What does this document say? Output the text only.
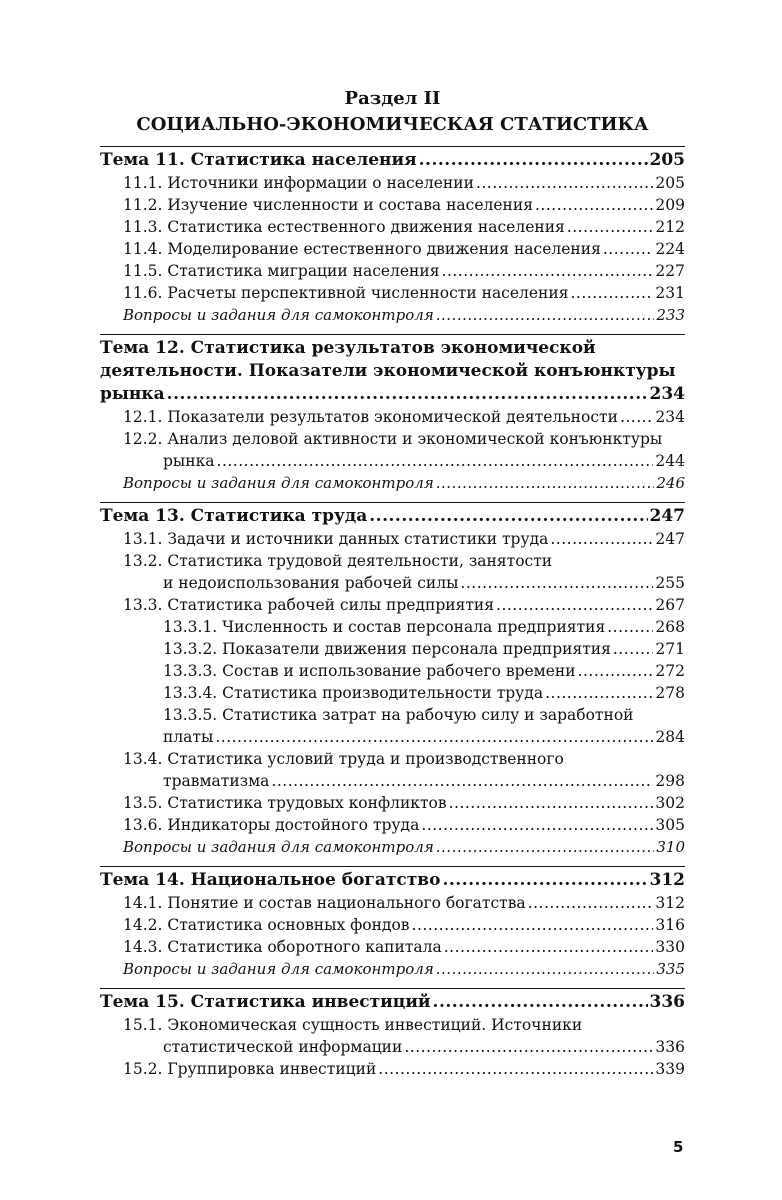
Раздел II
СОЦИАЛЬНО-ЭКОНОМИЧЕСКАЯ СТАТИСТИКА
Тема 11. Статистика населения .....	205
11.1. Источники информации о населении .....	205
11.2. Изучение численности и состава населения .....	209
11.3. Статистика естественного движения населения .....	212
11.4. Моделирование естественного движения населения .....	224
11.5. Статистика миграции населения .....	227
11.6. Расчеты перспективной численности населения .....	231
Вопросы и задания для самоконтроля .....	233
Тема 12. Статистика результатов экономической
деятельности. Показатели экономической конъюнктуры
рынка .....	234
12.1. Показатели результатов экономической деятельности ..... 234
12.2. Анализ деловой активности и экономической конъюнктуры
рынка .....	244
Вопросы и задания для самоконтроля .....	246
Тема 13. Статистика труда .....	247
13.1. Задачи и источники данных статистики труда .....	247
13.2. Статистика трудовой деятельности, занятости
и недоиспользования рабочей силы .....	255
13.3. Статистика рабочей силы предприятия .....	267
13.3.1. Численность и состав персонала предприятия .....	268
13.3.2. Показатели движения персонала предприятия .....	271
13.3.3. Состав и использование рабочего времени .....	272
13.3.4. Статистика производительности труда .....	278
13.3.5. Статистика затрат на рабочую силу и заработной
платы .....	284
13.4. Статистика условий труда и производственного
травматизма .....	298
13.5. Статистика трудовых конфликтов .....	302
13.6. Индикаторы достойного труда .....	305
Вопросы и задания для самоконтроля .....	310
Тема 14. Национальное богатство .....	312
14.1. Понятие и состав национального богатства .....	312
14.2. Статистика основных фондов .....	316
14.3. Статистика оборотного капитала .....	330
Вопросы и задания для самоконтроля .....	335
Тема 15. Статистика инвестиций .....	336
15.1. Экономическая сущность инвестиций. Источники
статистической информации .....	336
15.2. Группировка инвестиций .....	339
5
